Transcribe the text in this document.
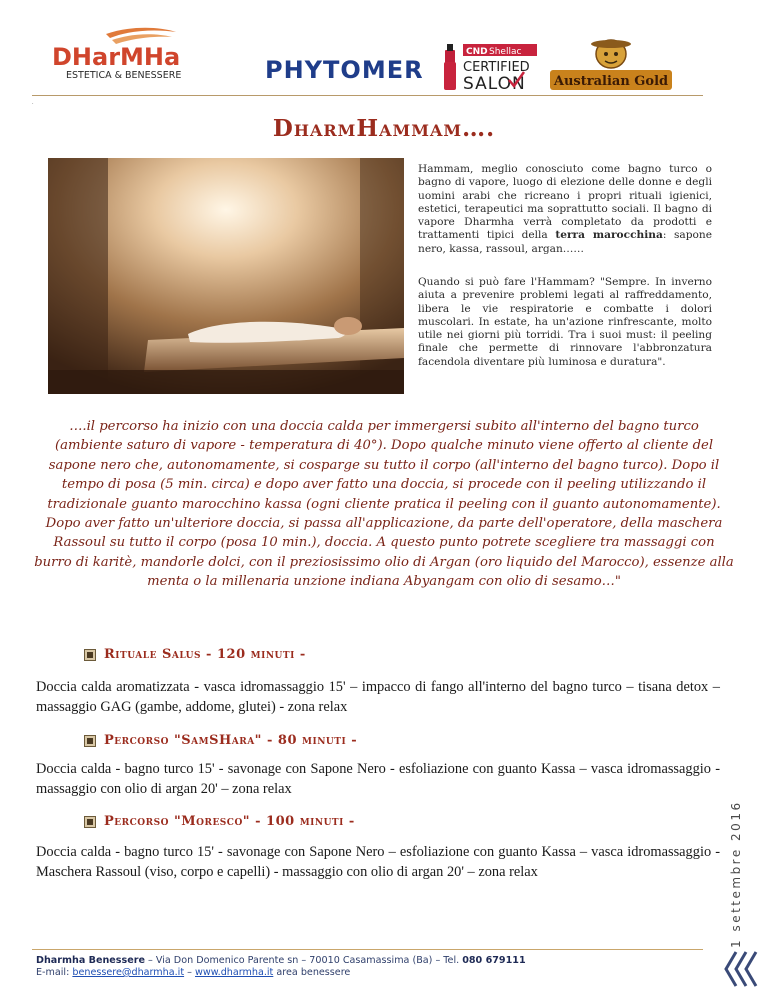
DHarMHa
ESTETICA & BENESSERE	PHYTOMER
CND Shellac
CERTIFIED
SALON Australian Gold
.
DharmHammam….
Hammam, meglio conosciuto come bagno turco o bagno di vapore, luogo di elezione delle donne e degli uomini arabi che ricreano i propri rituali igienici, estetici, terapeutici ma soprattutto sociali. Il bagno di vapore Dharmha verrà completato da prodotti e trattamenti tipici della terra marocchina: sapone nero, kassa, rassoul, argan……
Quando si può fare l'Hammam? "Sempre. In inverno aiuta a prevenire problemi legati al raffreddamento, libera le vie respiratorie e combatte i dolori muscolari. In estate, ha un'azione rinfrescante, molto utile nei giorni più torridi. Tra i suoi must: il peeling finale che permette di rinnovare l'abbronzatura facendola diventare più luminosa e duratura".
….il percorso ha inizio con una doccia calda per immergersi subito all'interno del bagno turco (ambiente saturo di vapore - temperatura di 40°). Dopo qualche minuto viene offerto al cliente del sapone nero che, autonomamente, si cosparge su tutto il corpo (all'interno del bagno turco). Dopo il tempo di posa (5 min. circa) e dopo aver fatto una doccia, si procede con il peeling utilizzando il tradizionale guanto marocchino kassa (ogni cliente pratica il peeling con il guanto autonomamente). Dopo aver fatto un'ulteriore doccia, si passa all'applicazione, da parte dell'operatore, della maschera Rassoul su tutto il corpo (posa 10 min.), doccia. A questo punto potrete scegliere tra massaggi con burro di karitè, mandorle dolci, con il preziosissimo olio di Argan (oro liquido del Marocco), essenze alla menta o la millenaria unzione indiana Abyangam con olio di sesamo…"
Rituale Salus - 120 minuti -
Doccia calda aromatizzata - vasca idromassaggio 15' – impacco di fango all'interno del bagno turco – tisana detox – massaggio GAG (gambe, addome, glutei) - zona relax
Percorso "SamSHara" - 80 minuti -
Doccia calda - bagno turco 15' - savonage con Sapone Nero - esfoliazione con guanto Kassa – vasca idromassaggio - massaggio con olio di argan 20' – zona relax
Percorso "Moresco" - 100 minuti -
Doccia calda - bagno turco 15' - savonage con Sapone Nero – esfoliazione con guanto Kassa – vasca idromassaggio - Maschera Rassoul (viso, corpo e capelli) - massaggio con olio di argan 20' – zona relax	1 settembre 2016
Dharmha Benessere – Via Don Domenico Parente sn – 70010 Casamassima (Ba) – Tel. 080 679111
E-mail: benessere@dharmha.it – www.dharmha.it area benessere
